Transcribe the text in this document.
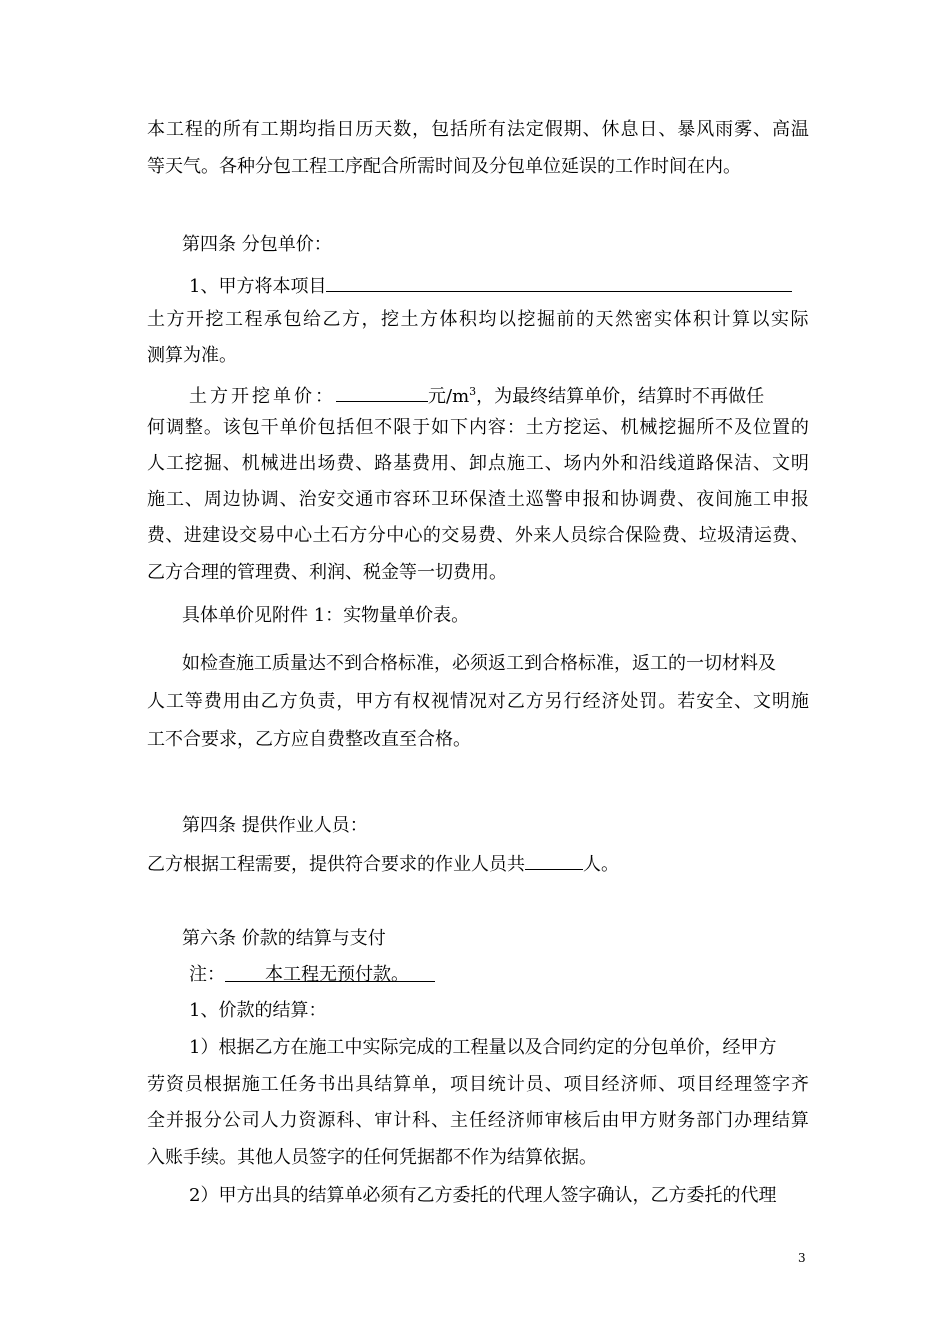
本 工 程 的 所 有 工 期 均 指 日 历 天 数 ， 包 括 所 有 法 定 假 期 、 休 息 日 、 暴 风 雨 雾 、 高 温
等天气。各种分包工程工序配合所需时间及分包单位延误的工作时间在内。
第四条 分包单价：
1、甲方将本项目
土 方 开 挖 工 程 承 包 给 乙 方 ， 挖 土 方 体 积 均 以 挖 掘 前 的 天 然 密 实 体 积 计 算 以 实 际
测算为准。
土方开挖单价：	元$/m^3$，为最终结算单价，结算时不再做任
何 调 整 。 该 包 干 单 价 包 括 但 不 限 于 如 下 内 容 ： 土 方 挖 运 、 机 械 挖 掘 所 不 及 位 置 的
人 工 挖 掘 、 机 械 进 出 场 费 、 路 基 费 用 、 卸 点 施 工 、 场 内 外 和 沿 线 道 路 保 洁 、 文 明
施 工 、 周 边 协 调 、 治 安 交 通 市 容 环 卫 环 保 渣 土 巡 警 申 报 和 协 调 费 、 夜 间 施 工 申 报
费 、 进 建 设 交 易 中 心 土 石 方 分 中 心 的 交 易 费 、 外 来 人 员 综 合 保 险 费 、 垃 圾 清 运 费 、
乙方合理的管理费、利润、税金等一切费用。
具体单价见附件 1：实物量单价表。
如检查施工质量达不到合格标准，必须返工到合格标准，返工的一切材料及
人 工 等 费 用 由 乙 方 负 责 ， 甲 方 有 权 视 情 况 对 乙 方 另 行 经 济 处 罚 。 若 安 全 、 文 明 施
工不合要求，乙方应自费整改直至合格。
第四条 提供作业人员：
乙方根据工程需要，提供符合要求的作业人员共	人。
第六条 价款的结算与支付
注： 本工程无预付款。
1、价款的结算：
1）根据乙方在施工中实际完成的工程量以及合同约定的分包单价，经甲方
劳 资 员 根 据 施 工 任 务 书 出 具 结 算 单 ， 项 目 统 计 员 、 项 目 经 济 师 、 项 目 经 理 签 字 齐
全 并 报 分 公 司 人 力 资 源 科 、 审 计 科 、 主 任 经 济 师 审 核 后 由 甲 方 财 务 部 门 办 理 结 算
入账手续。其他人员签字的任何凭据都不作为结算依据。
2）甲方出具的结算单必须有乙方委托的代理人签字确认，乙方委托的代理
3
